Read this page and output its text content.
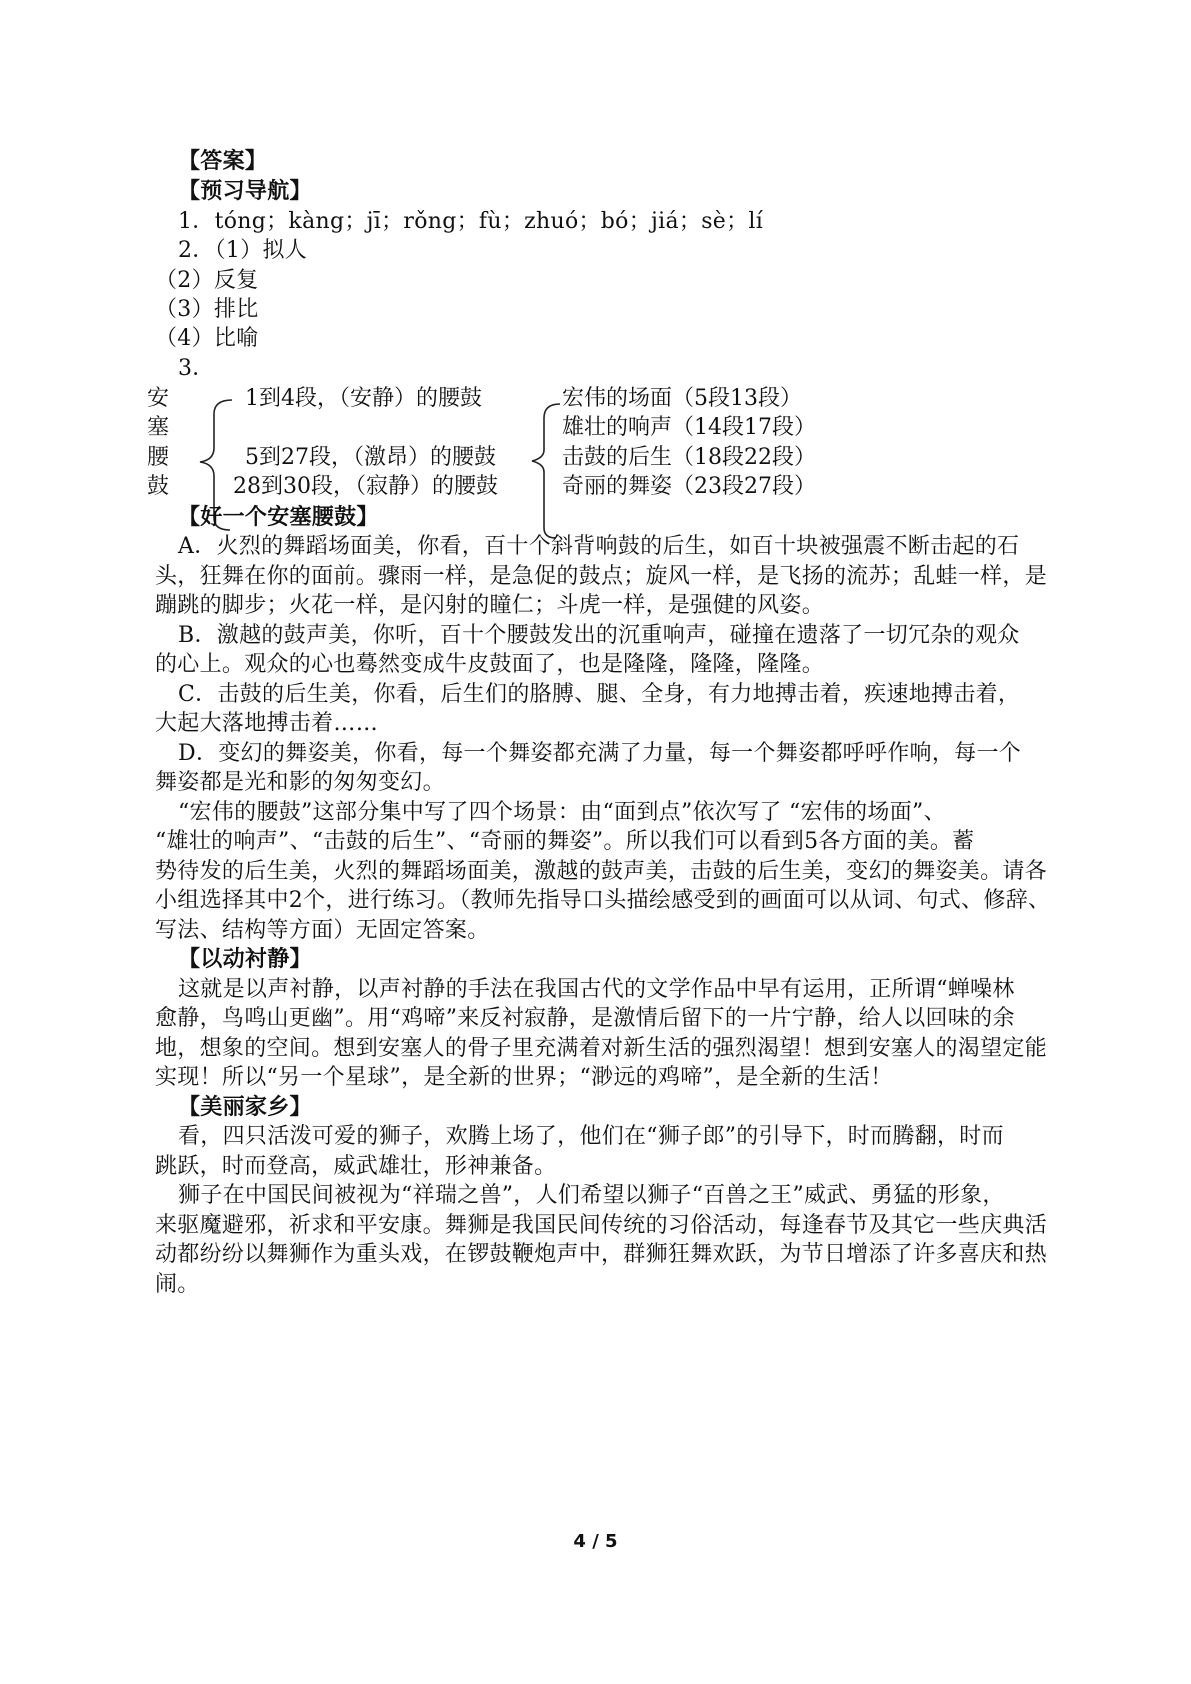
【答案】
【预习导航】
1．tóng；kàng；jī；rǒng；fù；zhuó；bó；jiá；sè；lí
2．（1）拟人
（2）反复
（3）排比
（4）比喻
3．
安
塞
腰
鼓
1到4段，（安静）的腰鼓
5到27段，（激昂）的腰鼓
28到30段，（寂静）的腰鼓
宏伟的场面（5段13段）
雄壮的响声（14段17段）
击鼓的后生（18段22段）
奇丽的舞姿（23段27段）
【好一个安塞腰鼓】
A．火烈的舞蹈场面美，你看，百十个斜背响鼓的后生，如百十块被强震不断击起的石
头，狂舞在你的面前。骤雨一样，是急促的鼓点；旋风一样，是飞扬的流苏；乱蛙一样，是
蹦跳的脚步；火花一样，是闪射的瞳仁；斗虎一样，是强健的风姿。
B．激越的鼓声美，你听，百十个腰鼓发出的沉重响声，碰撞在遗落了一切冗杂的观众
的心上。观众的心也蓦然变成牛皮鼓面了，也是隆隆，隆隆，隆隆。
C．击鼓的后生美，你看，后生们的胳膊、腿、全身，有力地搏击着，疾速地搏击着，
大起大落地搏击着……
D．变幻的舞姿美，你看，每一个舞姿都充满了力量，每一个舞姿都呼呼作响，每一个
舞姿都是光和影的匆匆变幻。
“宏伟的腰鼓”这部分集中写了四个场景：由“面到点”依次写了 “宏伟的场面”、
“雄壮的响声”、“击鼓的后生”、“奇丽的舞姿”。所以我们可以看到5各方面的美。蓄
势待发的后生美，火烈的舞蹈场面美，激越的鼓声美，击鼓的后生美，变幻的舞姿美。请各
小组选择其中2个，进行练习。（教师先指导口头描绘感受到的画面可以从词、句式、修辞、
写法、结构等方面）无固定答案。
【以动衬静】
这就是以声衬静，以声衬静的手法在我国古代的文学作品中早有运用，正所谓“蝉噪林
愈静，鸟鸣山更幽”。用“鸡啼”来反衬寂静，是激情后留下的一片宁静，给人以回味的余
地，想象的空间。想到安塞人的骨子里充满着对新生活的强烈渴望！想到安塞人的渴望定能
实现！所以“另一个星球”，是全新的世界；“渺远的鸡啼”，是全新的生活！
【美丽家乡】
看，四只活泼可爱的狮子，欢腾上场了，他们在“狮子郎”的引导下，时而腾翻，时而
跳跃，时而登高，威武雄壮，形神兼备。
狮子在中国民间被视为“祥瑞之兽”，人们希望以狮子“百兽之王”威武、勇猛的形象，
来驱魔避邪，祈求和平安康。舞狮是我国民间传统的习俗活动，每逢春节及其它一些庆典活
动都纷纷以舞狮作为重头戏，在锣鼓鞭炮声中，群狮狂舞欢跃，为节日增添了许多喜庆和热
闹。
4 / 5
